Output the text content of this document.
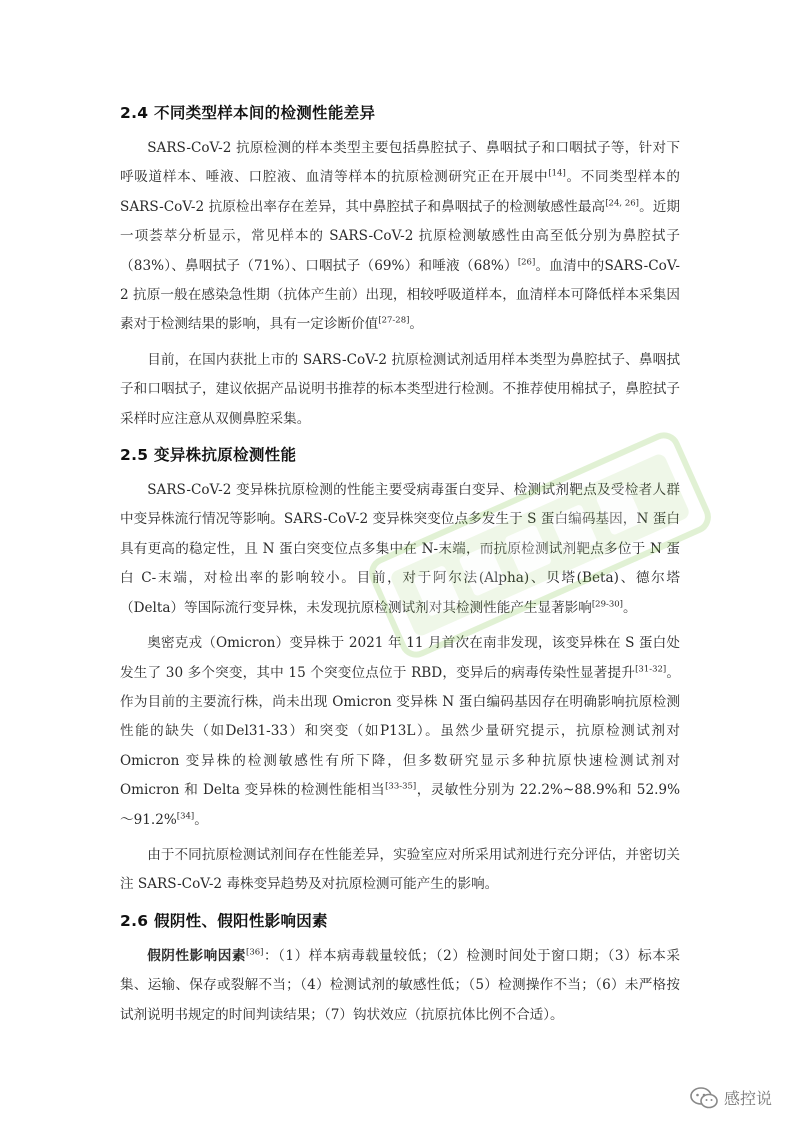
2.4 不同类型样本间的检测性能差异

SARS-CoV-2 抗原检测的样本类型主要包括鼻腔拭子、鼻咽拭子和口咽拭子等，针对下呼吸道样本、唾液、口腔液、血清等样本的抗原检测研究正在开展中[14]。不同类型样本的 SARS-CoV-2 抗原检出率存在差异，其中鼻腔拭子和鼻咽拭子的检测敏感性最高[24, 26]。近期一项荟萃分析显示，常见样本的 SARS-CoV-2 抗原检测敏感性由高至低分别为鼻腔拭子（83%）、鼻咽拭子（71%）、口咽拭子（69%）和唾液（68%）[26]。血清中的SARS-CoV-2 抗原一般在感染急性期（抗体产生前）出现，相较呼吸道样本，血清样本可降低样本采集因素对于检测结果的影响，具有一定诊断价值[27-28]。

目前，在国内获批上市的 SARS-CoV-2 抗原检测试剂适用样本类型为鼻腔拭子、鼻咽拭子和口咽拭子，建议依据产品说明书推荐的标本类型进行检测。不推荐使用棉拭子，鼻腔拭子采样时应注意从双侧鼻腔采集。

2.5 变异株抗原检测性能

SARS-CoV-2 变异株抗原检测的性能主要受病毒蛋白变异、检测试剂靶点及受检者人群中变异株流行情况等影响。SARS-CoV-2 变异株突变位点多发生于 S 蛋白编码基因，N 蛋白具有更高的稳定性，且 N 蛋白突变位点多集中在 N-末端，而抗原检测试剂靶点多位于 N 蛋白 C-末端，对检出率的影响较小。目前，对于阿尔法(Alpha)、贝塔(Beta)、德尔塔（Delta）等国际流行变异株，未发现抗原检测试剂对其检测性能产生显著影响[29-30]。

奥密克戎（Omicron）变异株于 2021 年 11 月首次在南非发现，该变异株在 S 蛋白处发生了 30 多个突变，其中 15 个突变位点位于 RBD，变异后的病毒传染性显著提升[31-32]。作为目前的主要流行株，尚未出现 Omicron 变异株 N 蛋白编码基因存在明确影响抗原检测性能的缺失（如Del31-33）和突变（如P13L）。虽然少量研究提示，抗原检测试剂对 Omicron 变异株的检测敏感性有所下降，但多数研究显示多种抗原快速检测试剂对 Omicron 和 Delta 变异株的检测性能相当[33-35]，灵敏性分别为 22.2%~88.9%和 52.9%～91.2%[34]。

由于不同抗原检测试剂间存在性能差异，实验室应对所采用试剂进行充分评估，并密切关注 SARS-CoV-2 毒株变异趋势及对抗原检测可能产生的影响。

2.6 假阴性、假阳性影响因素

假阴性影响因素[36]：（1）样本病毒载量较低；（2）检测时间处于窗口期；（3）标本采集、运输、保存或裂解不当；（4）检测试剂的敏感性低；（5）检测操作不当；（6）未严格按试剂说明书规定的时间判读结果；（7）钩状效应（抗原抗体比例不合适）。

感控说
